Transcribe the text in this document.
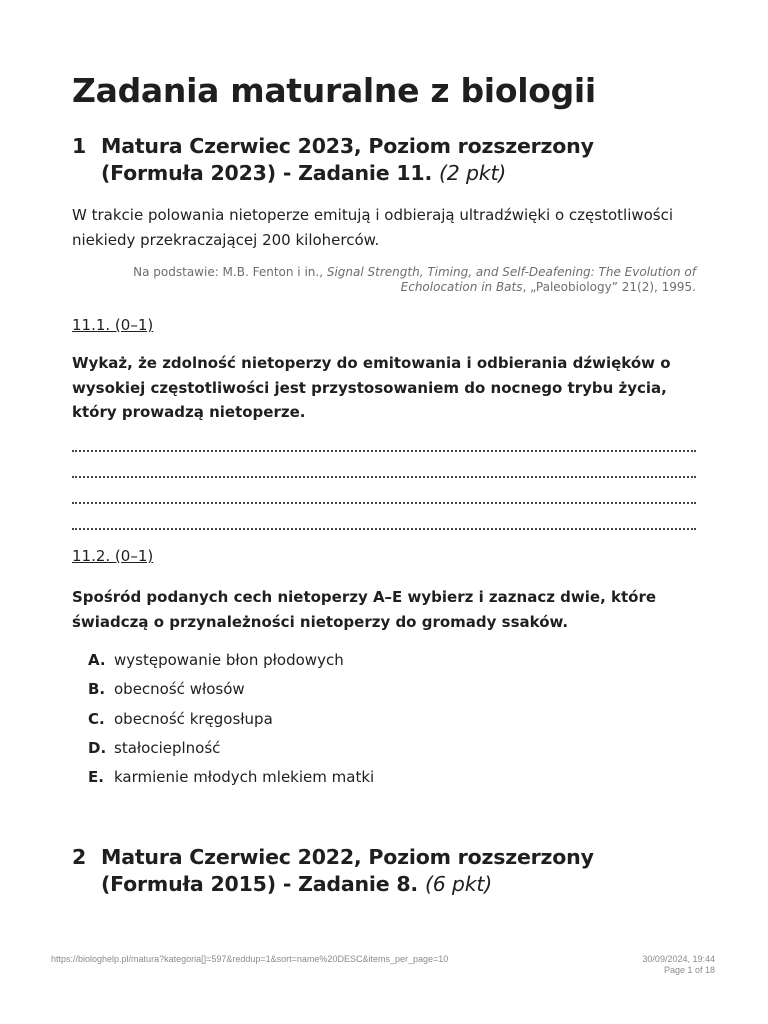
Zadania maturalne z biologii
1 Matura Czerwiec 2023, Poziom rozszerzony
(Formuła 2023) - Zadanie 11. (2 pkt)

W trakcie polowania nietoperze emitują i odbierają ultradźwięki o częstotliwości niekiedy przekraczającej 200 kiloherców.

Na podstawie: M.B. Fenton i in., Signal Strength, Timing, and Self-Deafening: The Evolution of Echolocation in Bats, „Paleobiology” 21(2), 1995.

11.1. (0–1)

Wykaż, że zdolność nietoperzy do emitowania i odbierania dźwięków o wysokiej częstotliwości jest przystosowaniem do nocnego trybu życia, który prowadzą nietoperze.

11.2. (0–1)

Spośród podanych cech nietoperzy A–E wybierz i zaznacz dwie, które świadczą o przynależności nietoperzy do gromady ssaków.

A. występowanie błon płodowych
B. obecność włosów
C. obecność kręgosłupa
D. stałocieplność
E. karmienie młodych mlekiem matki
2 Matura Czerwiec 2022, Poziom rozszerzony
(Formuła 2015) - Zadanie 8. (6 pkt)
https://biologhelp.pl/matura?kategoria[]=597&reddup=1&sort=name%20DESC&items_per_page=10	30/09/2024, 19:44
Page 1 of 18
